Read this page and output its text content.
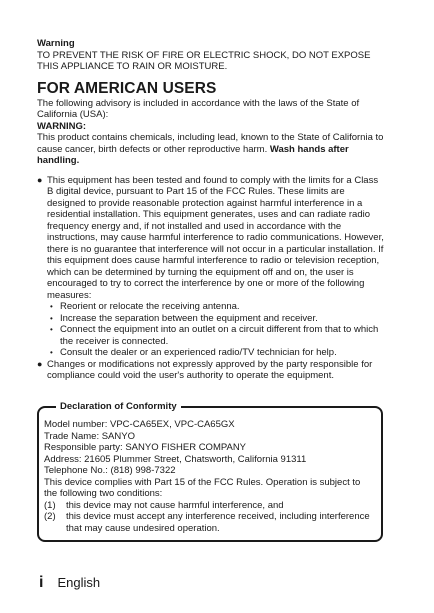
Warning
TO PREVENT THE RISK OF FIRE OR ELECTRIC SHOCK, DO NOT EXPOSE THIS APPLIANCE TO RAIN OR MOISTURE.
FOR AMERICAN USERS
The following advisory is included in accordance with the laws of the State of California (USA):
WARNING:
This product contains chemicals, including lead, known to the State of California to cause cancer, birth defects or other reproductive harm. Wash hands after handling.
● This equipment has been tested and found to comply with the limits for a Class B digital device, pursuant to Part 15 of the FCC Rules. These limits are designed to provide reasonable protection against harmful interference in a residential installation. This equipment generates, uses and can radiate radio frequency energy and, if not installed and used in accordance with the instructions, may cause harmful interference to radio communications. However, there is no guarantee that interference will not occur in a particular installation. If this equipment does cause harmful interference to radio or television reception, which can be determined by turning the equipment off and on, the user is encouraged to try to correct the interference by one or more of the following measures:
• Reorient or relocate the receiving antenna.
• Increase the separation between the equipment and receiver.
• Connect the equipment into an outlet on a circuit different from that to which the receiver is connected.
• Consult the dealer or an experienced radio/TV technician for help.
● Changes or modifications not expressly approved by the party responsible for compliance could void the user's authority to operate the equipment.
Declaration of Conformity
Model number: VPC-CA65EX, VPC-CA65GX
Trade Name: SANYO
Responsible party: SANYO FISHER COMPANY
Address: 21605 Plummer Street, Chatsworth, California 91311
Telephone No.: (818) 998-7322
This device complies with Part 15 of the FCC Rules. Operation is subject to the following two conditions:
(1) this device may not cause harmful interference, and
(2) this device must accept any interference received, including interference that may cause undesired operation.
i English
